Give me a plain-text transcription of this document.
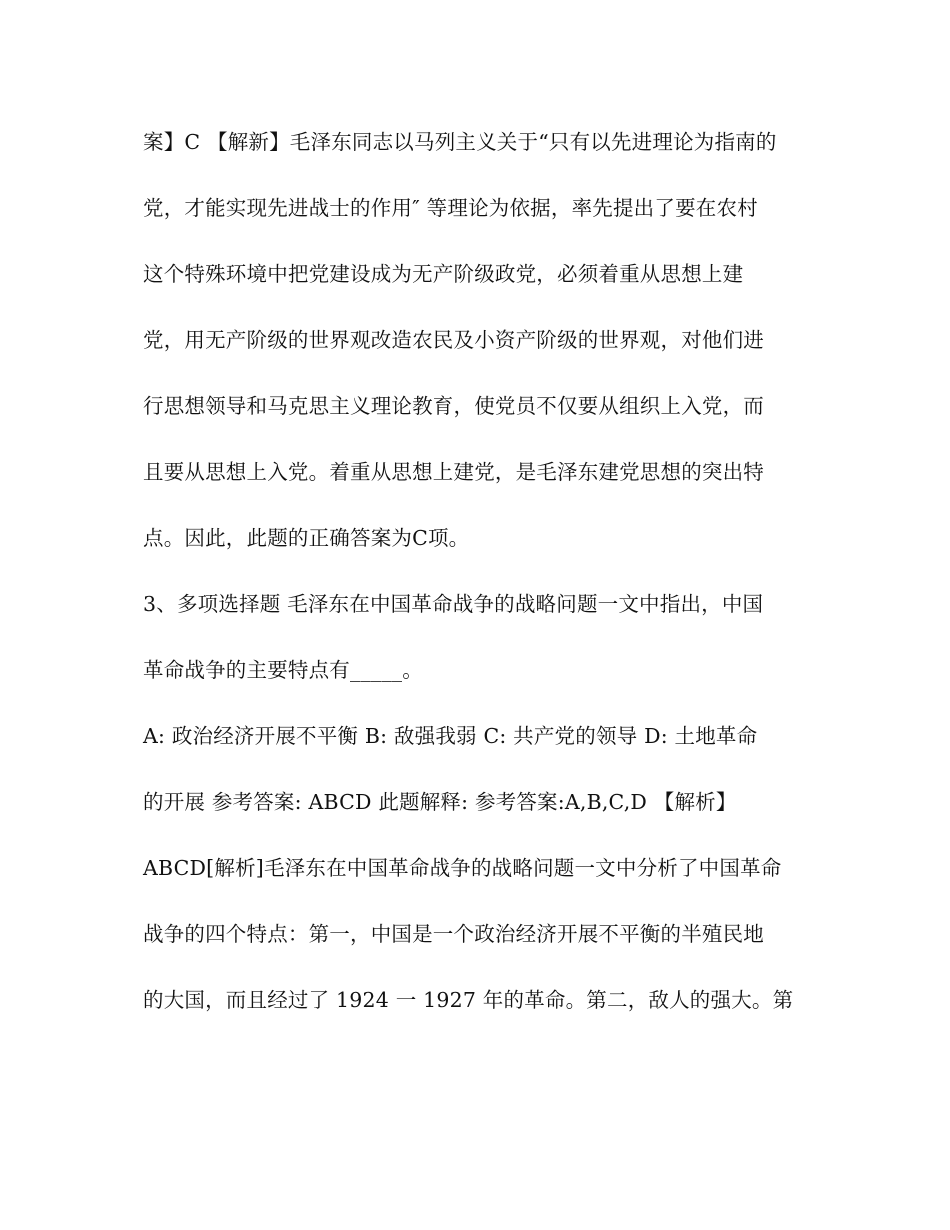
案】C 【解新】毛泽东同志以马列主义关于“只有以先进理论为指南的
党，才能实现先进战士的作用″ 等理论为依据，率先提出了要在农村
这个特殊环境中把党建设成为无产阶级政党，必须着重从思想上建
党，用无产阶级的世界观改造农民及小资产阶级的世界观，对他们进
行思想领导和马克思主义理论教育，使党员不仅要从组织上入党，而
且要从思想上入党。着重从思想上建党，是毛泽东建党思想的突出特
点。因此，此题的正确答案为C项。
3、多项选择题 毛泽东在中国革命战争的战略问题一文中指出，中国
革命战争的主要特点有_____。
A: 政治经济开展不平衡 B: 敌强我弱 C: 共产党的领导 D: 土地革命
的开展 参考答案: ABCD 此题解释: 参考答案:A,B,C,D 【解析】
ABCD[解析]毛泽东在中国革命战争的战略问题一文中分析了中国革命
战争的四个特点：第一，中国是一个政治经济开展不平衡的半殖民地
的大国，而且经过了 1924 一 1927 年的革命。第二，敌人的强大。第
